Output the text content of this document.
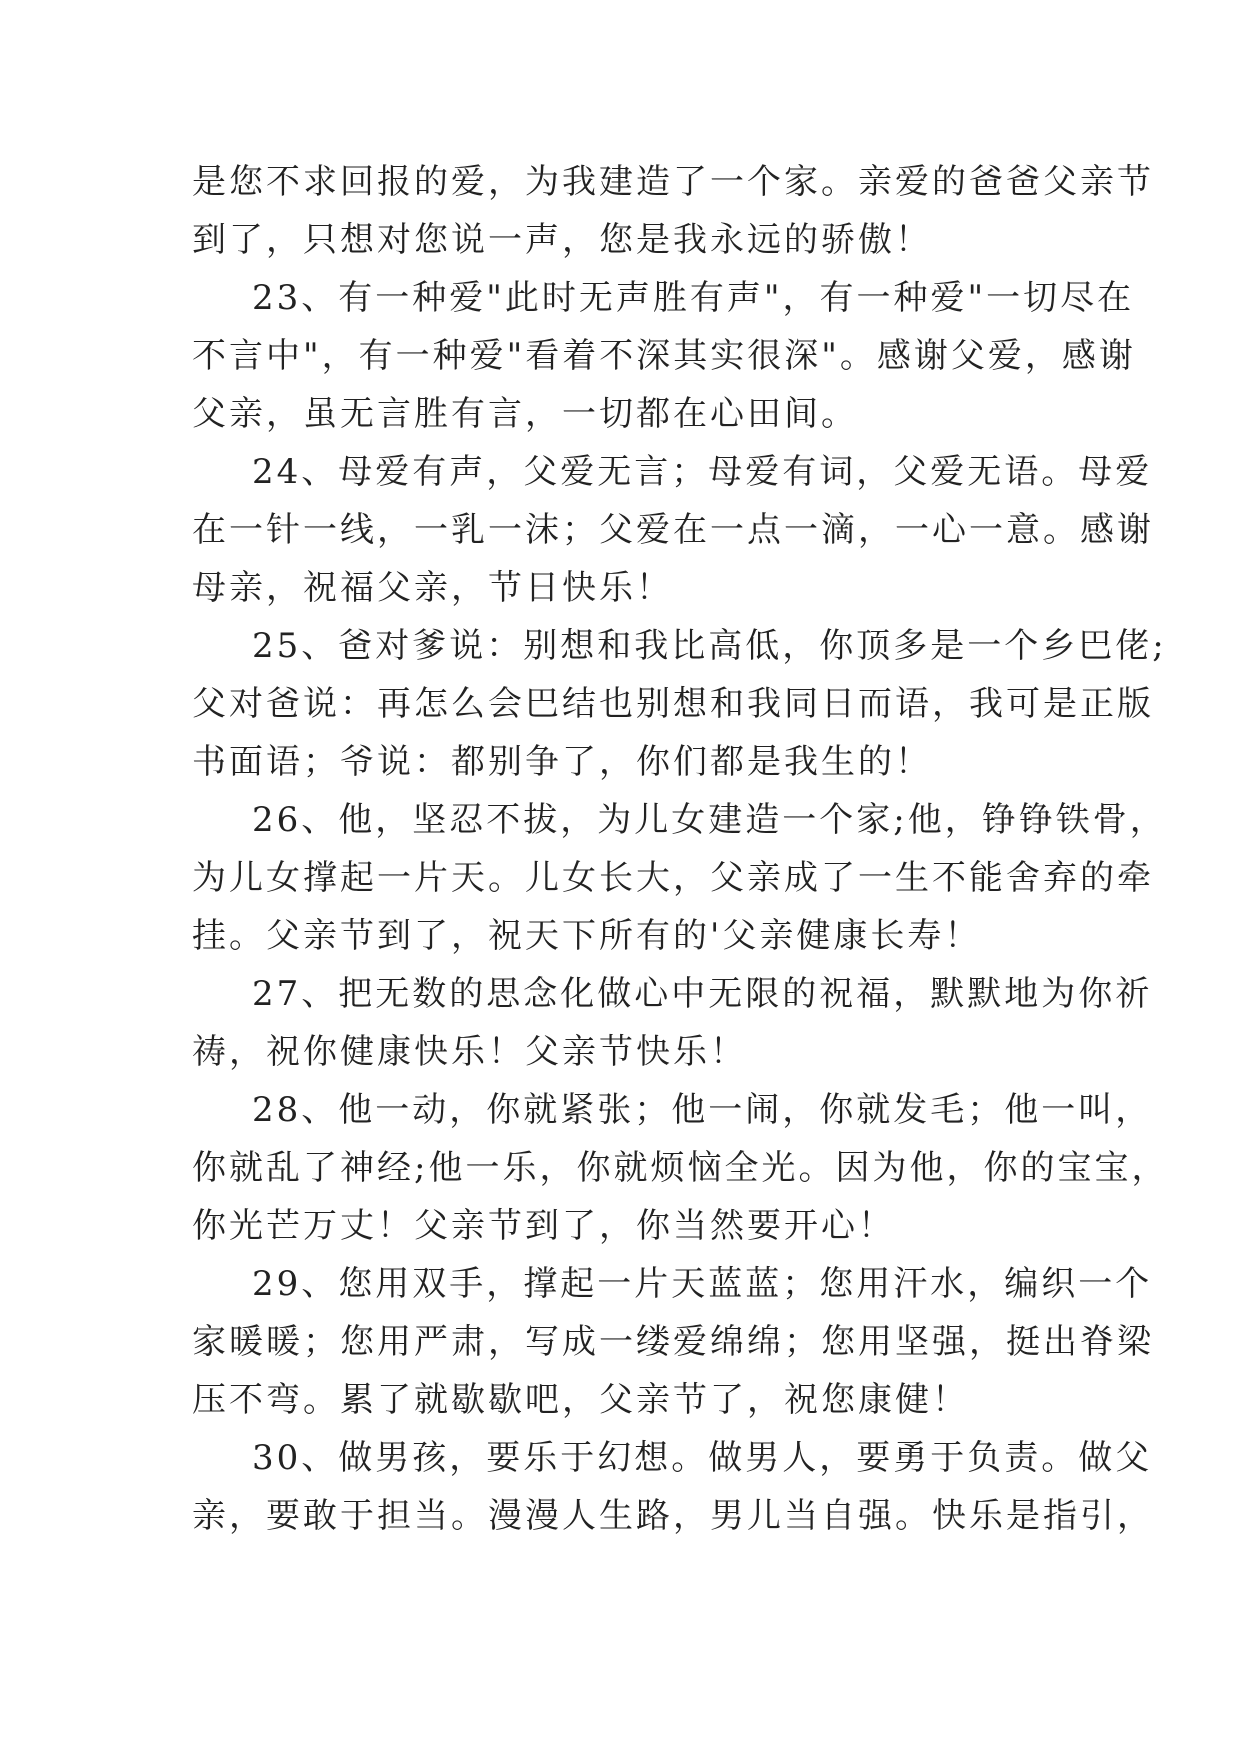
是您不求回报的爱，为我建造了一个家。亲爱的爸爸父亲节
到了，只想对您说一声，您是我永远的骄傲！
23、有一种爱"此时无声胜有声"，有一种爱"一切尽在
不言中"，有一种爱"看着不深其实很深"。感谢父爱，感谢
父亲，虽无言胜有言，一切都在心田间。
24、母爱有声，父爱无言；母爱有词，父爱无语。母爱
在一针一线，一乳一沫；父爱在一点一滴，一心一意。感谢
母亲，祝福父亲，节日快乐！
25、爸对爹说：别想和我比高低，你顶多是一个乡巴佬;
父对爸说：再怎么会巴结也别想和我同日而语，我可是正版
书面语；爷说：都别争了，你们都是我生的！
26、他，坚忍不拔，为儿女建造一个家;他，铮铮铁骨，
为儿女撑起一片天。儿女长大，父亲成了一生不能舍弃的牵
挂。父亲节到了，祝天下所有的'父亲健康长寿！
27、把无数的思念化做心中无限的祝福，默默地为你祈
祷，祝你健康快乐！父亲节快乐！
28、他一动，你就紧张；他一闹，你就发毛；他一叫，
你就乱了神经;他一乐，你就烦恼全光。因为他，你的宝宝，
你光芒万丈！父亲节到了，你当然要开心！
29、您用双手，撑起一片天蓝蓝；您用汗水，编织一个
家暖暖；您用严肃，写成一缕爱绵绵；您用坚强，挺出脊梁
压不弯。累了就歇歇吧，父亲节了，祝您康健！
30、做男孩，要乐于幻想。做男人，要勇于负责。做父
亲，要敢于担当。漫漫人生路，男儿当自强。快乐是指引，
